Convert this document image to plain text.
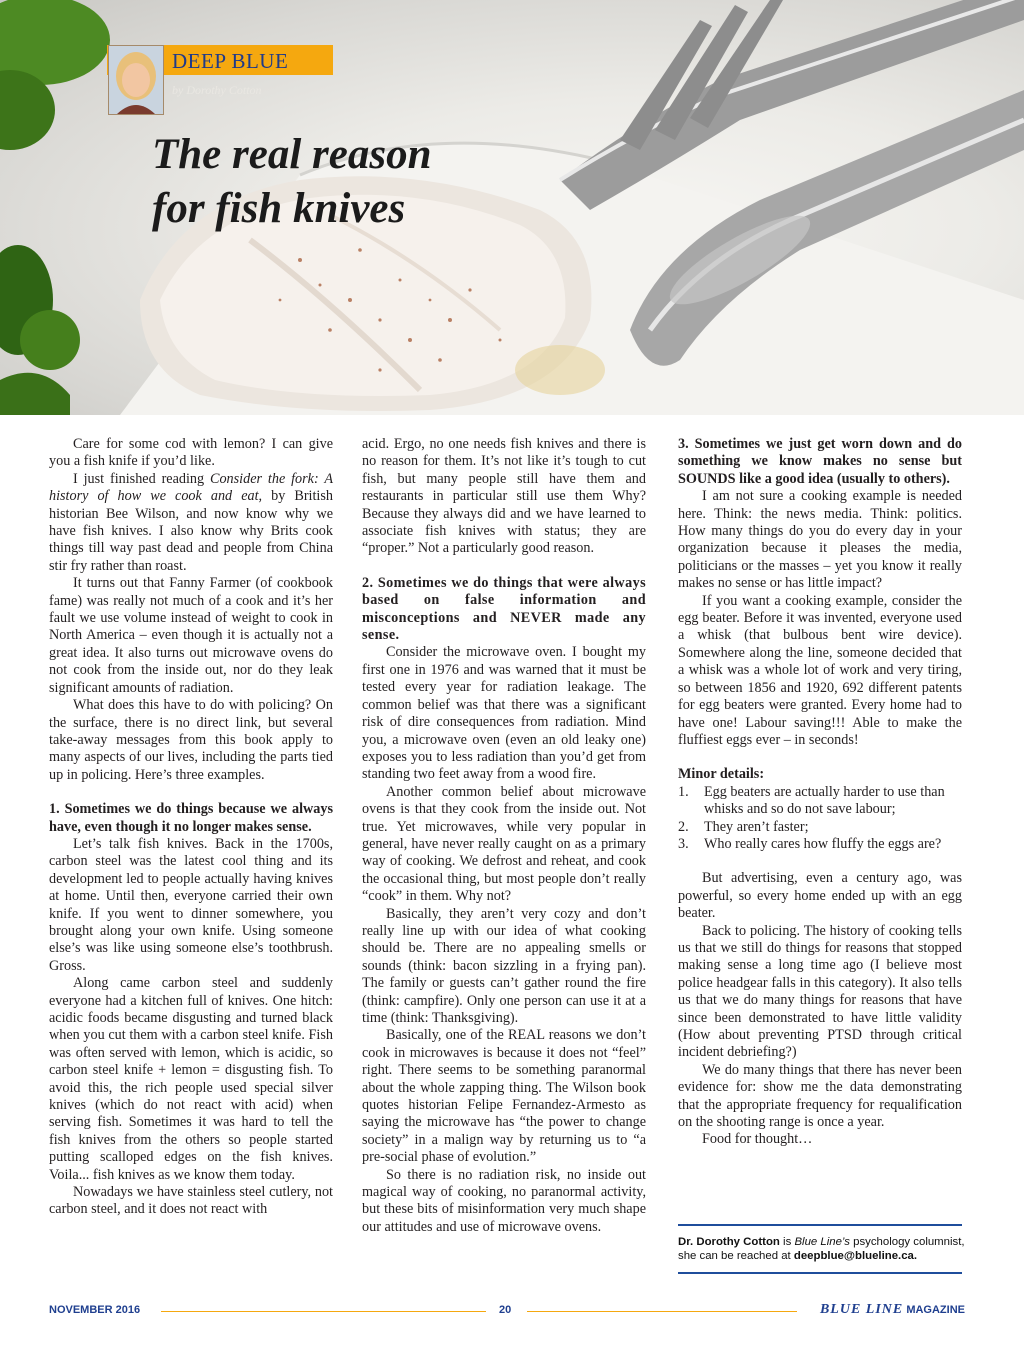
DEEP BLUE
by Dorothy Cotton
The real reason
for fish knives

Care for some cod with lemon? I can give you a fish knife if you’d like.

I just finished reading Consider the fork: A history of how we cook and eat, by British historian Bee Wilson, and now know why we have fish knives. I also know why Brits cook things till way past dead and people from China stir fry rather than roast.

It turns out that Fanny Farmer (of cookbook fame) was really not much of a cook and it’s her fault we use volume instead of weight to cook in North America – even though it is actually not a great idea. It also turns out microwave ovens do not cook from the inside out, nor do they leak significant amounts of radiation.

What does this have to do with policing? On the surface, there is no direct link, but several take-away messages from this book apply to many aspects of our lives, including the parts tied up in policing. Here’s three examples.

1. Sometimes we do things because we always have, even though it no longer makes sense.

Let’s talk fish knives. Back in the 1700s, carbon steel was the latest cool thing and its development led to people actually having knives at home. Until then, everyone carried their own knife. If you went to dinner somewhere, you brought along your own knife. Using someone else’s was like using someone else’s toothbrush. Gross.

Along came carbon steel and suddenly everyone had a kitchen full of knives. One hitch: acidic foods became disgusting and turned black when you cut them with a carbon steel knife. Fish was often served with lemon, which is acidic, so carbon steel knife + lemon = disgusting fish. To avoid this, the rich people used special silver knives (which do not react with acid) when serving fish. Sometimes it was hard to tell the fish knives from the others so people started putting scalloped edges on the fish knives. Voila... fish knives as we know them today.

Nowadays we have stainless steel cutlery, not carbon steel, and it does not react with

acid. Ergo, no one needs fish knives and there is no reason for them. It’s not like it’s tough to cut fish, but many people still have them and restaurants in particular still use them Why? Because they always did and we have learned to associate fish knives with status; they are “proper.” Not a particularly good reason.

2. Sometimes we do things that were always based on false information and misconceptions and NEVER made any sense.

Consider the microwave oven. I bought my first one in 1976 and was warned that it must be tested every year for radiation leakage. The common belief was that there was a significant risk of dire consequences from radiation. Mind you, a microwave oven (even an old leaky one) exposes you to less radiation than you’d get from standing two feet away from a wood fire.

Another common belief about microwave ovens is that they cook from the inside out. Not true. Yet microwaves, while very popular in general, have never really caught on as a primary way of cooking. We defrost and reheat, and cook the occasional thing, but most people don’t really “cook” in them. Why not?

Basically, they aren’t very cozy and don’t really line up with our idea of what cooking should be. There are no appealing smells or sounds (think: bacon sizzling in a frying pan). The family or guests can’t gather round the fire (think: campfire). Only one person can use it at a time (think: Thanksgiving).

Basically, one of the REAL reasons we don’t cook in microwaves is because it does not “feel” right. There seems to be something paranormal about the whole zapping thing. The Wilson book quotes historian Felipe Fernandez-Armesto as saying the microwave has “the power to change society” in a malign way by returning us to “a pre-social phase of evolution.”

So there is no radiation risk, no inside out magical way of cooking, no paranormal activity, but these bits of misinformation very much shape our attitudes and use of microwave ovens.

3. Sometimes we just get worn down and do something we know makes no sense but SOUNDS like a good idea (usually to others).

I am not sure a cooking example is needed here. Think: the news media. Think: politics. How many things do you do every day in your organization because it pleases the media, politicians or the masses – yet you know it really makes no sense or has little impact?

If you want a cooking example, consider the egg beater. Before it was invented, everyone used a whisk (that bulbous bent wire device). Somewhere along the line, someone decided that a whisk was a whole lot of work and very tiring, so between 1856 and 1920, 692 different patents for egg beaters were granted. Every home had to have one! Labour saving!!! Able to make the fluffiest eggs ever – in seconds!

Minor details:

1. Egg beaters are actually harder to use than whisks and so do not save labour;
2. They aren’t faster;
3. Who really cares how fluffy the eggs are?

But advertising, even a century ago, was powerful, so every home ended up with an egg beater.

Back to policing. The history of cooking tells us that we still do things for reasons that stopped making sense a long time ago (I believe most police headgear falls in this category). It also tells us that we do many things for reasons that have since been demonstrated to have little validity (How about preventing PTSD through critical incident debriefing?)

We do many things that there has never been evidence for: show me the data demonstrating that the appropriate frequency for requalification on the shooting range is once a year.

Food for thought…

Dr. Dorothy Cotton is Blue Line’s psychology columnist, she can be reached at deepblue@blueline.ca.
NOVEMBER 2016	20	BLUE LINE MAGAZINE
